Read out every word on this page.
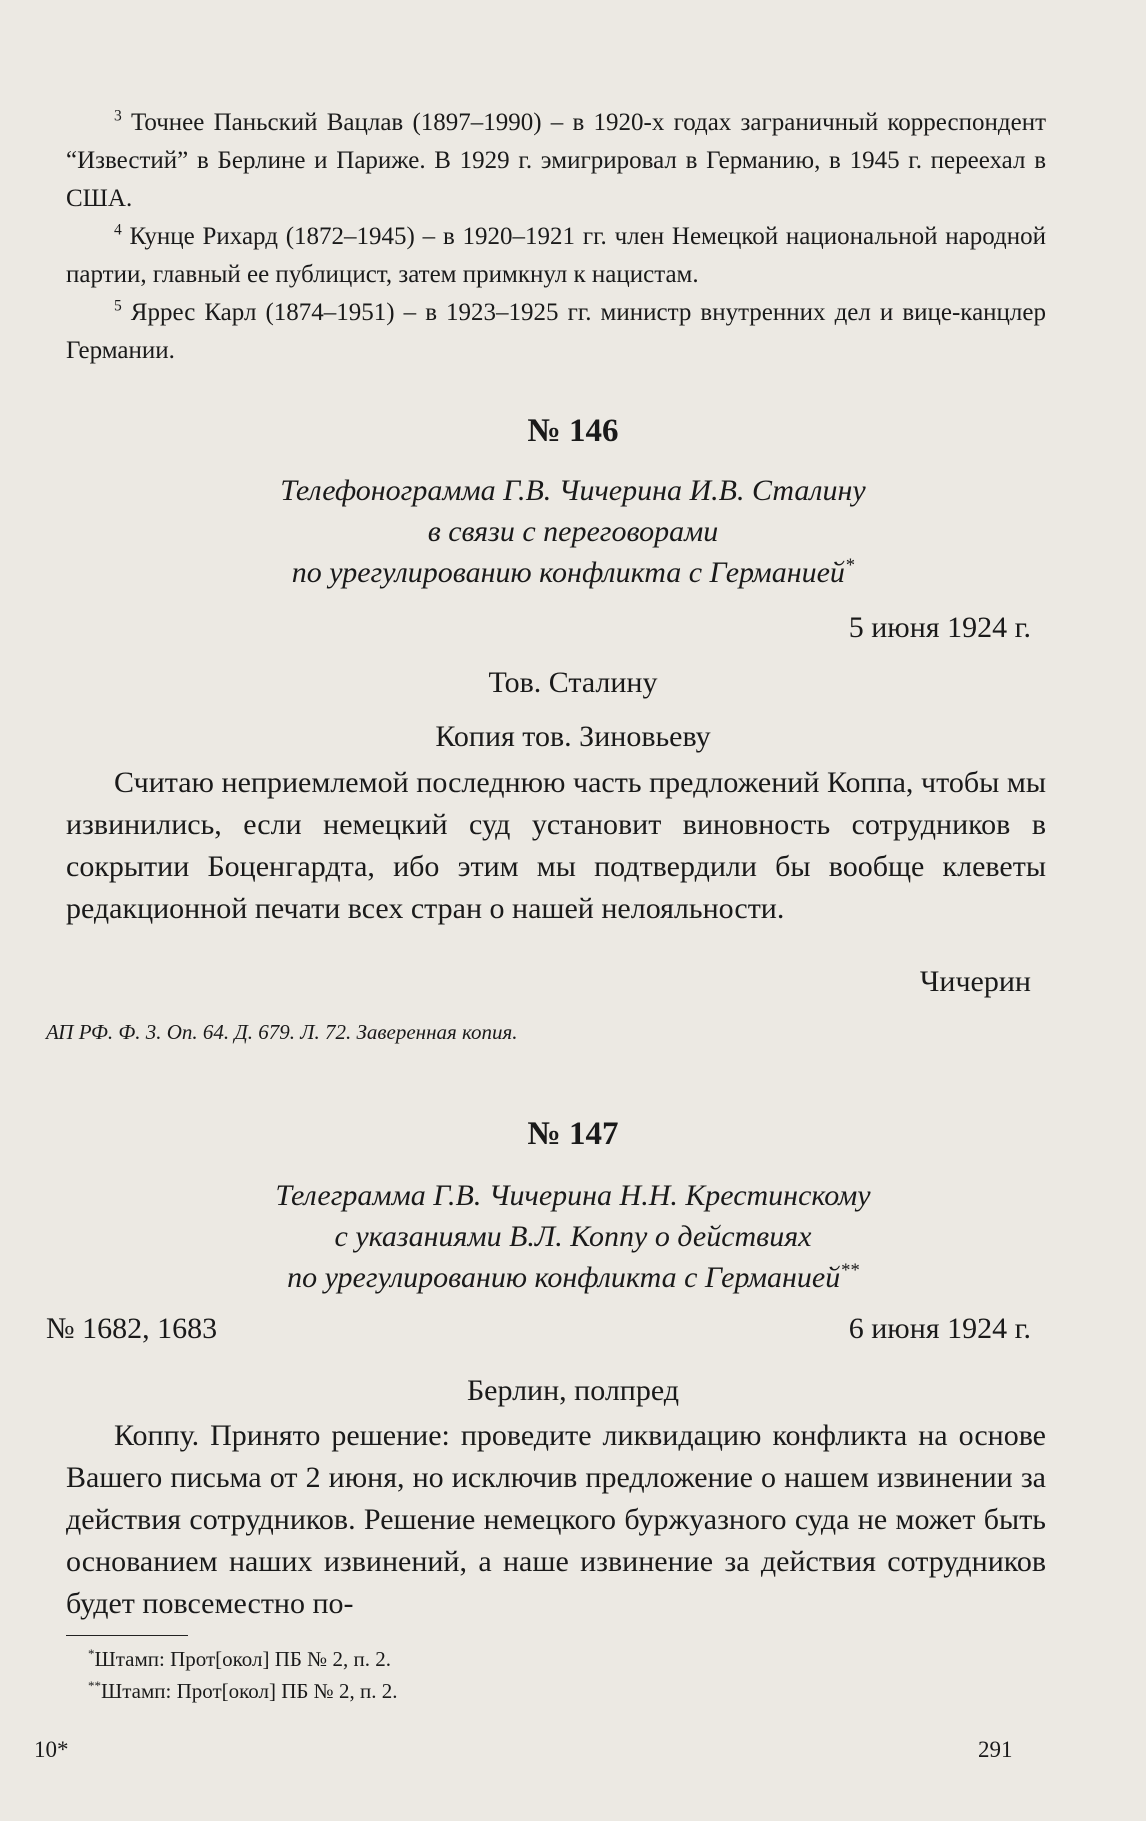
$^3$ Точнее Паньский Вацлав (1897–1990) – в 1920-х годах заграничный корреспондент “Известий” в Берлине и Париже. В 1929 г. эмигрировал в Германию, в 1945 г. переехал в США.

$^4$ Кунце Рихард (1872–1945) – в 1920–1921 гг. член Немецкой национальной народной партии, главный ее публицист, затем примкнул к нацистам.

$^5$ Яррес Карл (1874–1951) – в 1923–1925 гг. министр внутренних дел и вице-канцлер Германии.

№ 146
Телефонограмма Г.В. Чичерина И.В. Сталину
в связи с переговорами
по урегулированию конфликта с Германией*
5 июня 1924 г.
Тов. Сталину
Копия тов. Зиновьеву

Считаю неприемлемой последнюю часть предложений Коппа, чтобы мы извинились, если немецкий суд установит виновность сотрудников в сокрытии Боценгардта, ибо этим мы подтвердили бы вообще клеветы редакционной печати всех стран о нашей нелояльности.

Чичерин
АП РФ. Ф. 3. Оп. 64. Д. 679. Л. 72. Заверенная копия.
№ 147
Телеграмма Г.В. Чичерина Н.Н. Крестинскому
с указаниями В.Л. Коппу о действиях
по урегулированию конфликта с Германией**
№ 1682, 1683	6 июня 1924 г.
Берлин, полпред

Коппу. Принято решение: проведите ликвидацию конфликта на основе Вашего письма от 2 июня, но исключив предложение о нашем извинении за действия сотрудников. Решение немецкого буржуазного суда не может быть основанием наших извинений, а наше извинение за действия сотрудников будет повсеместно по-

*Штамп: Прот[окол] ПБ № 2, п. 2.
**Штамп: Прот[окол] ПБ № 2, п. 2.
10*	291
